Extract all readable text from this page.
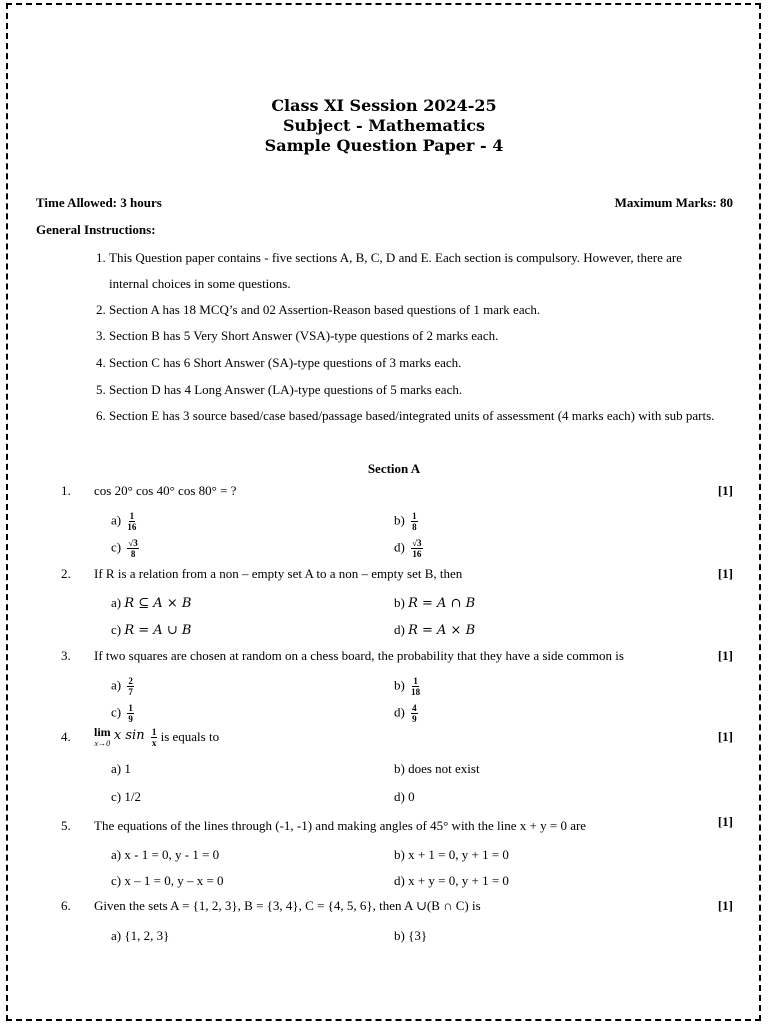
Class XI Session 2024-25
Subject - Mathematics
Sample Question Paper - 4
Time Allowed: 3 hours	Maximum Marks: 80
General Instructions:
1. This Question paper contains - five sections A, B, C, D and E. Each section is compulsory. However, there are internal choices in some questions.
2. Section A has 18 MCQ’s and 02 Assertion-Reason based questions of 1 mark each.
3. Section B has 5 Very Short Answer (VSA)-type questions of 2 marks each.
4. Section C has 6 Short Answer (SA)-type questions of 3 marks each.
5. Section D has 4 Long Answer (LA)-type questions of 5 marks each.
6. Section E has 3 source based/case based/passage based/integrated units of assessment (4 marks each) with sub parts.
Section A
1. cos 20° cos 40° cos 80° = ?	[1]
$a) \frac{1}{16}$	$b) \frac{1}{8}$
$c) \frac{√3}{8}$	$d) \frac{√3}{16}$
2. If R is a relation from a non – empty set A to a non – empty set B, then	[1]
a) R ⊆ A × B	b) R = A ∩ B
c) R = A ∪ B	d) R = A × B
3. If two squares are chosen at random on a chess board, the probability that they have a side common is	[1]
$a) \frac{2}{7}$	$b) \frac{1}{18}$
$c) \frac{1}{9}$	$d) \frac{4}{9}$
4. lim
x→0
x $\sin \frac{1}{x}$ is equals to	[1]
a) 1	b) does not exist
c) 1/2	d) 0
5. The equations of the lines through (-1, -1) and making angles of 45° with the line x + y = 0 are	[1]
a) x - 1 = 0, y - 1 = 0	b) x + 1 = 0, y + 1 = 0
c) x – 1 = 0, y – x = 0	d) x + y = 0, y + 1 = 0
6. Given the sets A = {1, 2, 3}, B = {3, 4}, C = {4, 5, 6}, then A ∪(B ∩ C) is	[1]
a) {1, 2, 3}	b) {3}
